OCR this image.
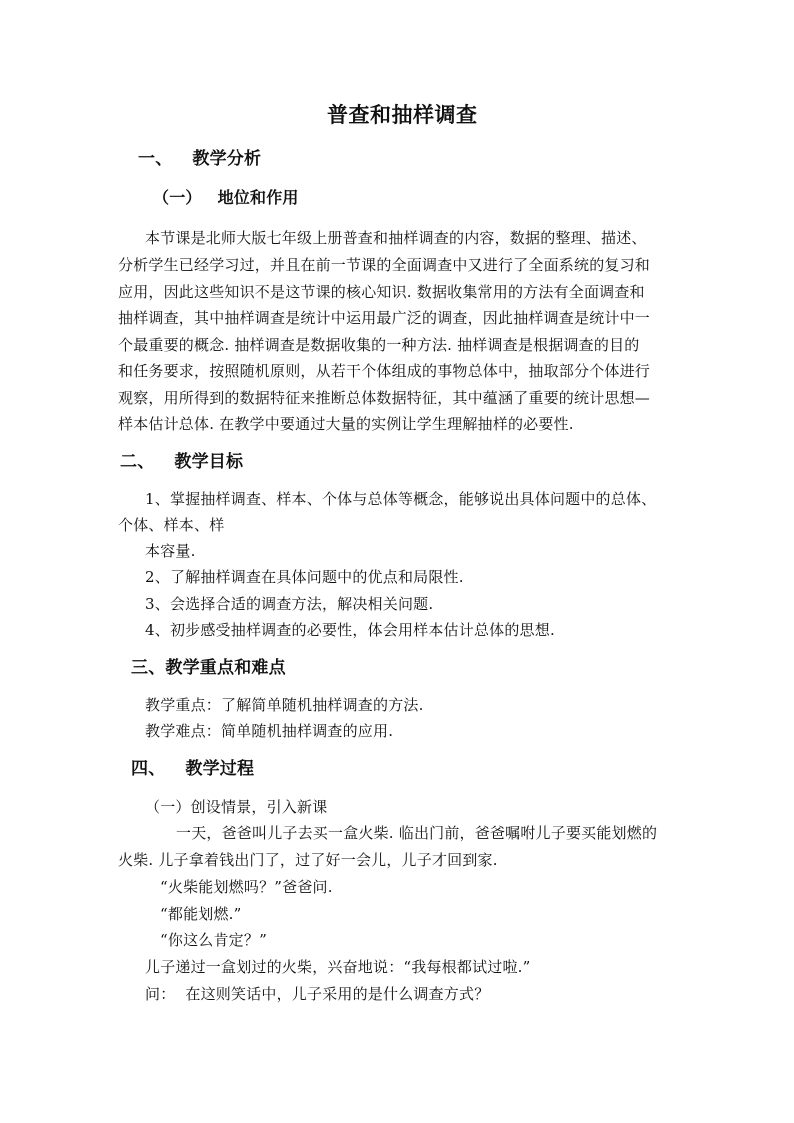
普查和抽样调查
一、 教学分析
（一） 地位和作用
本节课是北师大版七年级上册普查和抽样调查的内容，数据的整理、描述、
分析学生已经学习过，并且在前一节课的全面调查中又进行了全面系统的复习和
应用，因此这些知识不是这节课的核心知识. 数据收集常用的方法有全面调查和
抽样调查，其中抽样调查是统计中运用最广泛的调查，因此抽样调查是统计中一
个最重要的概念. 抽样调查是数据收集的一种方法. 抽样调查是根据调查的目的
和任务要求，按照随机原则，从若干个体组成的事物总体中，抽取部分个体进行
观察，用所得到的数据特征来推断总体数据特征，其中蕴涵了重要的统计思想—
样本估计总体. 在教学中要通过大量的实例让学生理解抽样的必要性.
二、 教学目标
1、掌握抽样调查、样本、个体与总体等概念，能够说出具体问题中的总体、
个体、样本、样
本容量.
2、了解抽样调查在具体问题中的优点和局限性.
3、会选择合适的调查方法，解决相关问题.
4、初步感受抽样调查的必要性，体会用样本估计总体的思想.
三、教学重点和难点
教学重点：了解简单随机抽样调查的方法.
教学难点：简单随机抽样调查的应用.
四、 教学过程
（一）创设情景，引入新课
一天，爸爸叫儿子去买一盒火柴. 临出门前，爸爸嘱咐儿子要买能划燃的
火柴. 儿子拿着钱出门了，过了好一会儿，儿子才回到家.
“火柴能划燃吗？”爸爸问.
“都能划燃.”
“你这么肯定？”
儿子递过一盒划过的火柴，兴奋地说：“我每根都试过啦.”
问： 在这则笑话中，儿子采用的是什么调查方式？
